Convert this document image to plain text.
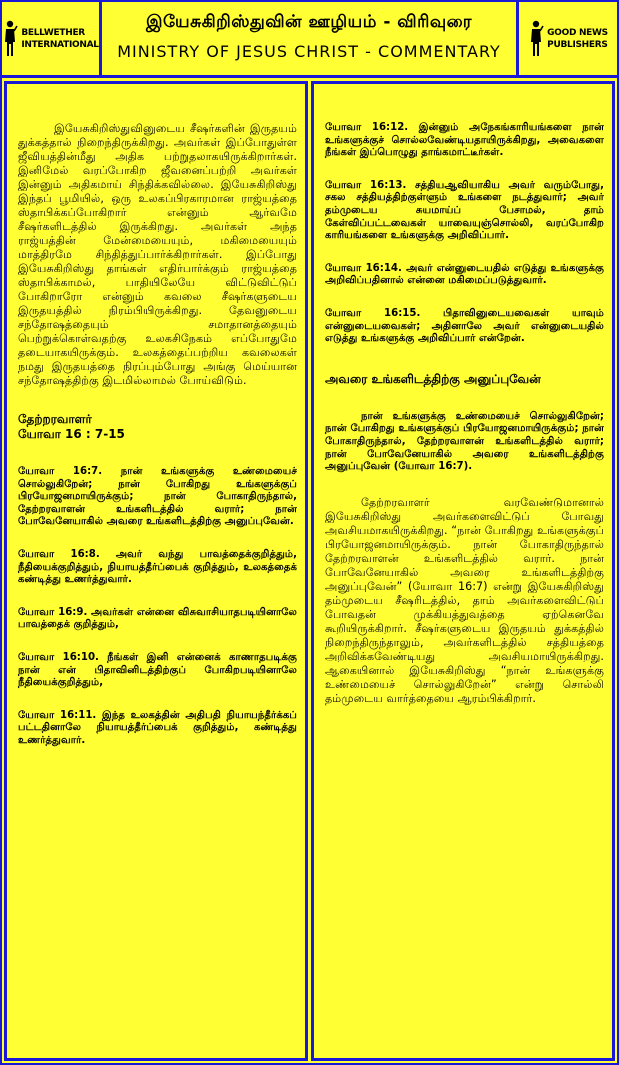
BELLWETHER
INTERNATIONAL
இயேசுகிறிஸ்துவின் ஊழியம் - விரிவுரை
MINISTRY OF JESUS CHRIST - COMMENTARY
GOOD NEWS
PUBLISHERS

இயேசுகிறிஸ்துவினுடைய சீஷர்களின் இருதயம் துக்கத்தால் நிறைந்திருக்கிறது. அவர்கள் இப்போதுள்ள ஜீவியத்தின்மீது அதிக பற்றுதலாகயிருக்கிறார்கள். இனிமேல் வரப்போகிற ஜீவனைப்பற்றி அவர்கள் இன்னும் அதிகமாய் சிந்திக்கவில்லை. இயேசுகிறிஸ்து இந்தப் பூமியில், ஒரு உலகப்பிரகாரமான ராஜ்யத்தை ஸ்தாபிக்கப்போகிறார் என்னும் ஆர்வமே சீஷர்களிடத்தில் இருக்கிறது. அவர்கள் அந்த ராஜ்யத்தின் மேன்மையையும், மகிமையையும் மாத்திரமே சிந்தித்துப்பார்க்கிறார்கள். இப்போது இயேசுகிறிஸ்து தாங்கள் எதிர்பார்க்கும் ராஜ்யத்தை ஸ்தாபிக்காமல், பாதியிலேயே விட்டுவிட்டுப் போகிறாரோ என்னும் கவலை சீஷர்களுடைய இருதயத்தில் நிரம்பியிருக்கிறது. தேவனுடைய சந்தோஷத்தையும் சமாதானத்தையும் பெற்றுக்கொள்வதற்கு உலகசிநேகம் எப்போதுமே தடையாகயிருக்கும். உலகத்தைப்பற்றிய கவலைகள் நமது இருதயத்தை நிரப்பும்போது அங்கு மெய்யான சந்தோஷத்திற்கு இடமில்லாமல் போய்விடும்.

தேற்றரவாளர்

யோவா 16 : 7-15

யோவா 16:7. நான் உங்களுக்கு உண்மையைச் சொல்லுகிறேன்; நான் போகிறது உங்களுக்குப் பிரயோஜனமாயிருக்கும்; நான் போகாதிருந்தால், தேற்றரவாளன் உங்களிடத்தில் வரார்; நான் போவேனேயாகில் அவரை உங்களிடத்திற்கு அனுப்புவேன்.

யோவா 16:8. அவர் வந்து பாவத்தைக்குறித்தும், நீதியைக்குறித்தும், நியாயத்தீர்ப்பைக் குறித்தும், உலகத்தைக் கண்டித்து உணர்த்துவார்.

யோவா 16:9. அவர்கள் என்னை விசுவாசியாதபடியினாலே பாவத்தைக் குறித்தும்,

யோவா 16:10. நீங்கள் இனி என்னைக் காணாதபடிக்கு நான் என் பிதாவினிடத்திற்குப் போகிறபடியினாலே நீதியைக்குறித்தும்,

யோவா 16:11. இந்த உலகத்தின் அதிபதி நியாயந்தீர்க்கப் பட்டதினாலே நியாயத்தீர்ப்பைக் குறித்தும், கண்டித்து உணர்த்துவார்.

யோவா 16:12. இன்னும் அநேகங்காரியங்களை நான் உங்களுக்குச் சொல்லவேண்டியதாயிருக்கிறது, அவைகளை நீங்கள் இப்பொழுது தாங்கமாட்டீர்கள்.

யோவா 16:13. சத்தியஆவியாகிய அவர் வரும்போது, சகல சத்தியத்திற்குள்ளும் உங்களை நடத்துவார்; அவர் தம்முடைய சுயமாய்ப் பேசாமல், தாம் கேள்விப்பட்டவைகள் யாவையுஞ்சொல்லி, வரப்போகிற காரியங்களை உங்களுக்கு அறிவிப்பார்.

யோவா 16:14. அவர் என்னுடையதில் எடுத்து உங்களுக்கு அறிவிப்பதினால் என்னை மகிமைப்படுத்துவார்.

யோவா 16:15. பிதாவினுடையவைகள் யாவும் என்னுடையவைகள்; அதினாலே அவர் என்னுடையதில் எடுத்து உங்களுக்கு அறிவிப்பார் என்றேன்.

அவரை உங்களிடத்திற்கு அனுப்புவேன்

நான் உங்களுக்கு உண்மையைச் சொல்லுகிறேன்; நான் போகிறது உங்களுக்குப் பிரயோஜனமாயிருக்கும்; நான் போகாதிருந்தால், தேற்றரவாளன் உங்களிடத்தில் வரார்; நான் போவேனேயாகில் அவரை உங்களிடத்திற்கு அனுப்புவேன் (யோவா 16:7).

தேற்றரவாளர் வரவேண்டுமானால் இயேசுகிறிஸ்து அவர்களைவிட்டுப் போவது அவசியமாகயிருக்கிறது. “நான் போகிறது உங்களுக்குப் பிரயோஜனமாயிருக்கும். நான் போகாதிருந்தால் தேற்றரவாளன் உங்களிடத்தில் வரார். நான் போவேனேயாகில் அவரை உங்களிடத்திற்கு அனுப்புவேன்” (யோவா 16:7) என்று இயேசுகிறிஸ்து தம்முடைய சீஷரிடத்தில், தாம் அவர்களைவிட்டுப் போவதன் முக்கியத்துவத்தை ஏற்கெனவே கூறியிருக்கிறார். சீஷர்களுடைய இருதயம் துக்கத்தில் நிறைந்திருந்தாலும், அவர்களிடத்தில் சத்தியத்தை அறிவிக்கவேண்டியது அவசியமாயிருக்கிறது. ஆகையினால் இயேசுகிறிஸ்து “நான் உங்களுக்கு உண்மையைச் சொல்லுகிறேன்” என்று சொல்லி தம்முடைய வார்த்தையை ஆரம்பிக்கிறார்.
